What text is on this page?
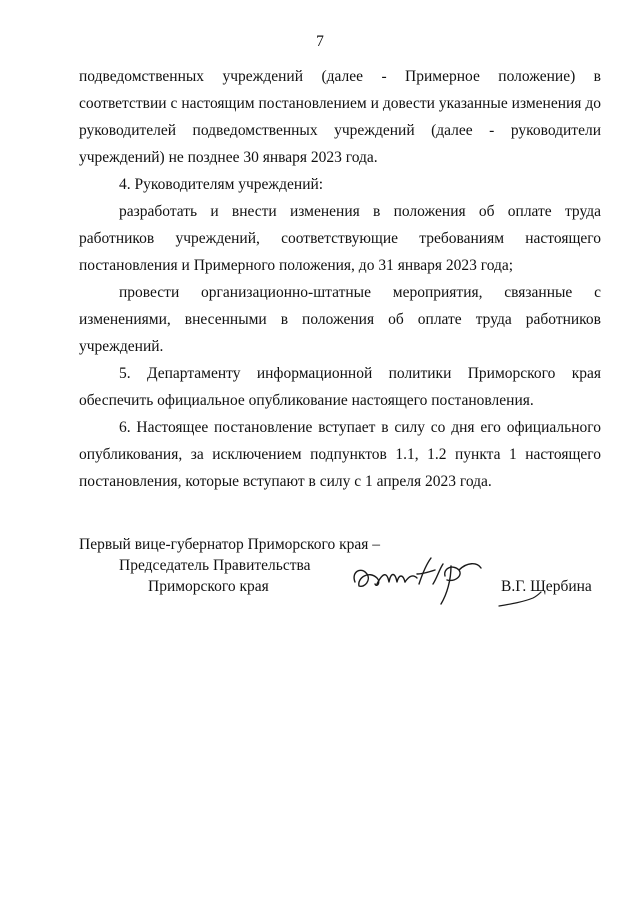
7

подведомственных учреждений (далее - Примерное положение) в соответствии с настоящим постановлением и довести указанные изменения до руководителей подведомственных учреждений (далее - руководители учреждений) не позднее 30 января 2023 года.

4. Руководителям учреждений:

разработать и внести изменения в положения об оплате труда работников учреждений, соответствующие требованиям настоящего постановления и Примерного положения, до 31 января 2023 года;

провести организационно-штатные мероприятия, связанные с изменениями, внесенными в положения об оплате труда работников учреждений.

5. Департаменту информационной политики Приморского края обеспечить официальное опубликование настоящего постановления.

6. Настоящее постановление вступает в силу со дня его официального опубликования, за исключением подпунктов 1.1, 1.2 пункта 1 настоящего постановления, которые вступают в силу с 1 апреля 2023 года.

Первый вице-губернатор Приморского края –
Председатель Правительства
Приморского края	В.Г. Щербина
